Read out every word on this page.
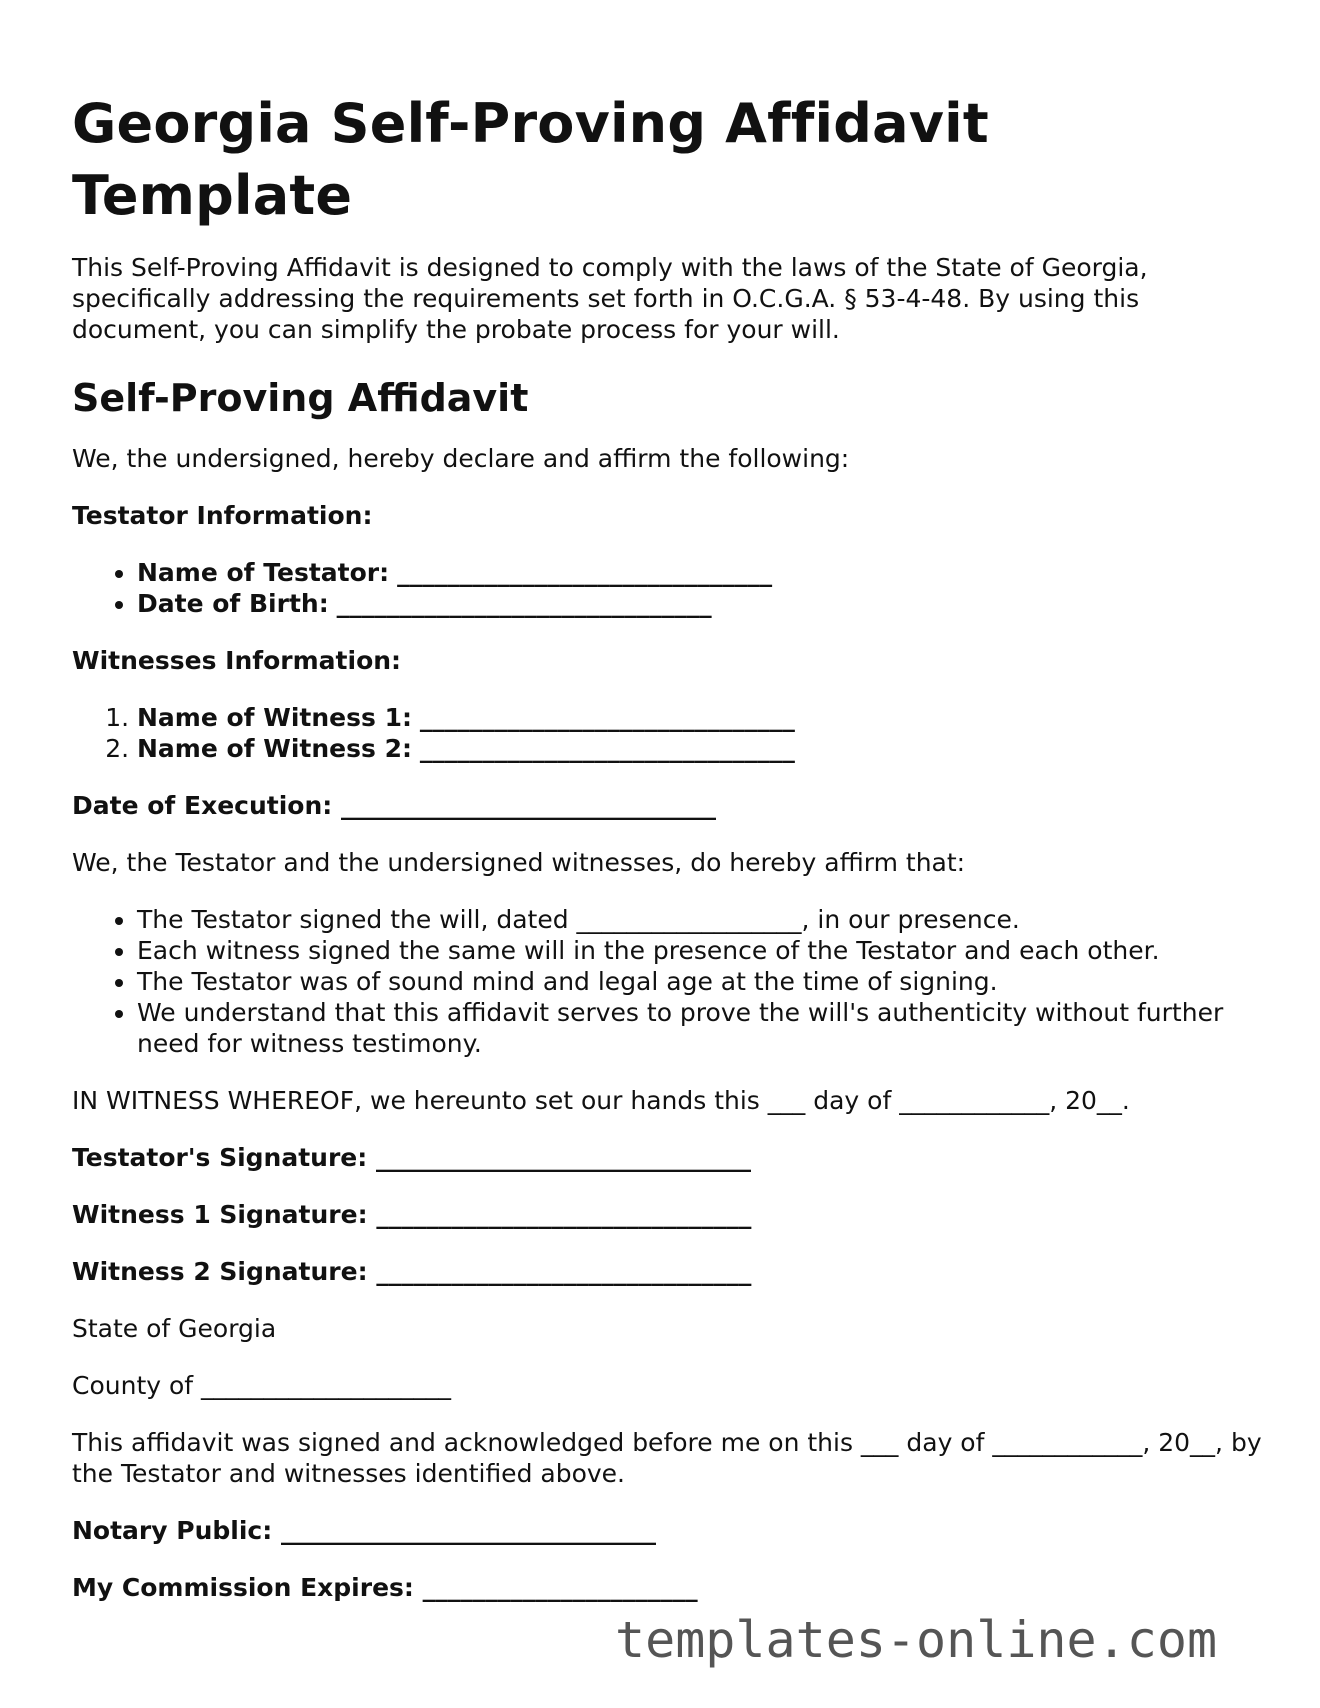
Georgia Self-Proving Affidavit Template

This Self-Proving Affidavit is designed to comply with the laws of the State of Georgia, specifically addressing the requirements set forth in O.C.G.A. § 53-4-48. By using this document, you can simplify the probate process for your will.

Self-Proving Affidavit

We, the undersigned, hereby declare and affirm the following:

Testator Information:

• Name of Testator: ______________________________
• Date of Birth: ______________________________

Witnesses Information:

1. Name of Witness 1: ______________________________
2. Name of Witness 2: ______________________________

Date of Execution: ______________________________

We, the Testator and the undersigned witnesses, do hereby affirm that:

• The Testator signed the will, dated __________________, in our presence.
• Each witness signed the same will in the presence of the Testator and each other.
• The Testator was of sound mind and legal age at the time of signing.
• We understand that this affidavit serves to prove the will's authenticity without further need for witness testimony.

IN WITNESS WHEREOF, we hereunto set our hands this ___ day of ____________, 20__.

Testator's Signature: ______________________________

Witness 1 Signature: ______________________________

Witness 2 Signature: ______________________________

State of Georgia

County of ____________________

This affidavit was signed and acknowledged before me on this ___ day of ____________, 20__, by the Testator and witnesses identified above.

Notary Public: ______________________________

My Commission Expires: ______________________

templates-online.com
